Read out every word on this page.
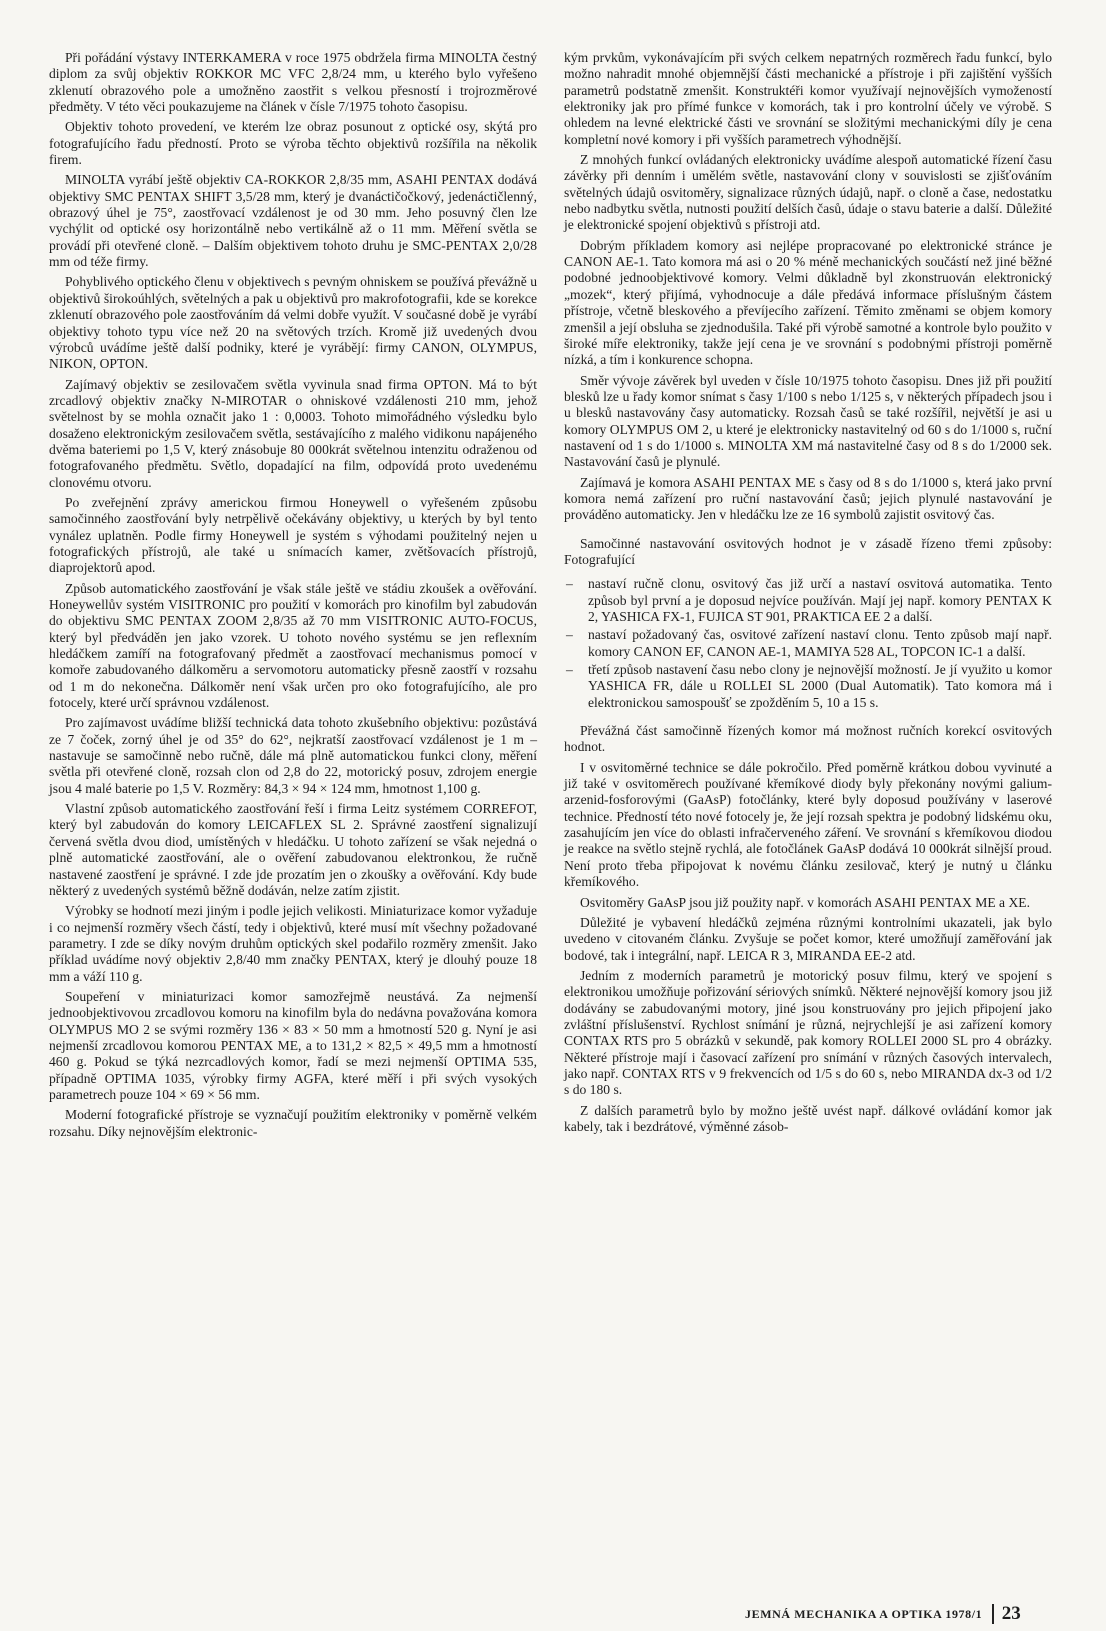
Při pořádání výstavy INTERKAMERA v roce 1975 obdržela firma MINOLTA čestný diplom za svůj objektiv ROKKOR MC VFC 2,8/24 mm, u kterého bylo vyřešeno zklenutí obrazového pole a umožněno zaostřit s velkou přesností i trojrozměrové předměty. V této věci poukazujeme na článek v čísle 7/1975 tohoto časopisu.

Objektiv tohoto provedení, ve kterém lze obraz posunout z optické osy, skýtá pro fotografujícího řadu předností. Proto se výroba těchto objektivů rozšířila na několik firem.

MINOLTA vyrábí ještě objektiv CA-ROKKOR 2,8/35 mm, ASAHI PENTAX dodává objektivy SMC PENTAX SHIFT 3,5/28 mm, který je dvanáctičočkový, jedenáctičlenný, obrazový úhel je 75°, zaostřovací vzdálenost je od 30 mm. Jeho posuvný člen lze vychýlit od optické osy horizontálně nebo vertikálně až o 11 mm. Měření světla se provádí při otevřené cloně. – Dalším objektivem tohoto druhu je SMC-PENTAX 2,0/28 mm od téže firmy.

Pohyblivého optického členu v objektivech s pevným ohniskem se používá převážně u objektivů širokoúhlých, světelných a pak u objektivů pro makrofotografii, kde se korekce zklenutí obrazového pole zaostřováním dá velmi dobře využít. V současné době je vyrábí objektivy tohoto typu více než 20 na světových trzích. Kromě již uvedených dvou výrobců uvádíme ještě další podniky, které je vyrábějí: firmy CANON, OLYMPUS, NIKON, OPTON.

Zajímavý objektiv se zesilovačem světla vyvinula snad firma OPTON. Má to být zrcadlový objektiv značky N-MIROTAR o ohniskové vzdálenosti 210 mm, jehož světelnost by se mohla označit jako 1 : 0,0003. Tohoto mimořádného výsledku bylo dosaženo elektronickým zesilovačem světla, sestávajícího z malého vidikonu napájeného dvěma bateriemi po 1,5 V, který znásobuje 80 000krát světelnou intenzitu odraženou od fotografovaného předmětu. Světlo, dopadající na film, odpovídá proto uvedenému clonovému otvoru.

Po zveřejnění zprávy americkou firmou Honeywell o vyřešeném způsobu samočinného zaostřování byly netrpělivě očekávány objektivy, u kterých by byl tento vynález uplatněn. Podle firmy Honeywell je systém s výhodami použitelný nejen u fotografických přístrojů, ale také u snímacích kamer, zvětšovacích přístrojů, diaprojektorů apod.

Způsob automatického zaostřování je však stále ještě ve stádiu zkoušek a ověřování. Honeywellův systém VISITRONIC pro použití v komorách pro kinofilm byl zabudován do objektivu SMC PENTAX ZOOM 2,8/35 až 70 mm VISITRONIC AUTO-FOCUS, který byl předváděn jen jako vzorek. U tohoto nového systému se jen reflexním hledáčkem zamíří na fotografovaný předmět a zaostřovací mechanismus pomocí v komoře zabudovaného dálkoměru a servomotoru automaticky přesně zaostří v rozsahu od 1 m do nekonečna. Dálkoměr není však určen pro oko fotografujícího, ale pro fotocely, které určí správnou vzdálenost.

Pro zajímavost uvádíme bližší technická data tohoto zkušebního objektivu: pozůstává ze 7 čoček, zorný úhel je od 35° do 62°, nejkratší zaostřovací vzdálenost je 1 m – nastavuje se samočinně nebo ručně, dále má plně automatickou funkci clony, měření světla při otevřené cloně, rozsah clon od 2,8 do 22, motorický posuv, zdrojem energie jsou 4 malé baterie po 1,5 V. Rozměry: 84,3 × 94 × 124 mm, hmotnost 1,100 g.

Vlastní způsob automatického zaostřování řeší i firma Leitz systémem CORREFOT, který byl zabudován do komory LEICAFLEX SL 2. Správné zaostření signalizují červená světla dvou diod, umístěných v hledáčku. U tohoto zařízení se však nejedná o plně automatické zaostřování, ale o ověření zabudovanou elektronkou, že ručně nastavené zaostření je správné. I zde jde prozatím jen o zkoušky a ověřování. Kdy bude některý z uvedených systémů běžně dodáván, nelze zatím zjistit.

Výrobky se hodnotí mezi jiným i podle jejich velikosti. Miniaturizace komor vyžaduje i co nejmenší rozměry všech částí, tedy i objektivů, které musí mít všechny požadované parametry. I zde se díky novým druhům optických skel podařilo rozměry zmenšit. Jako příklad uvádíme nový objektiv 2,8/40 mm značky PENTAX, který je dlouhý pouze 18 mm a váží 110 g.

Soupeření v miniaturizaci komor samozřejmě neustává. Za nejmenší jednoobjektivovou zrcadlovou komoru na kinofilm byla do nedávna považována komora OLYMPUS MO 2 se svými rozměry 136 × 83 × 50 mm a hmotností 520 g. Nyní je asi nejmenší zrcadlovou komorou PENTAX ME, a to 131,2 × 82,5 × 49,5 mm a hmotností 460 g. Pokud se týká nezrcadlových komor, řadí se mezi nejmenší OPTIMA 535, případně OPTIMA 1035, výrobky firmy AGFA, které měří i při svých vysokých parametrech pouze 104 × 69 × 56 mm.

Moderní fotografické přístroje se vyznačují použitím elektroniky v poměrně velkém rozsahu. Díky nejnovějším elektronic-

kým prvkům, vykonávajícím při svých celkem nepatrných rozměrech řadu funkcí, bylo možno nahradit mnohé objemnější části mechanické a přístroje i při zajištění vyšších parametrů podstatně zmenšit. Konstruktéři komor využívají nejnovějších vymožeností elektroniky jak pro přímé funkce v komorách, tak i pro kontrolní účely ve výrobě. S ohledem na levné elektrické části ve srovnání se složitými mechanickými díly je cena kompletní nové komory i při vyšších parametrech výhodnější.

Z mnohých funkcí ovládaných elektronicky uvádíme alespoň automatické řízení času závěrky při denním i umělém světle, nastavování clony v souvislosti se zjišťováním světelných údajů osvitoměry, signalizace různých údajů, např. o cloně a čase, nedostatku nebo nadbytku světla, nutnosti použití delších časů, údaje o stavu baterie a další. Důležité je elektronické spojení objektivů s přístroji atd.

Dobrým příkladem komory asi nejlépe propracované po elektronické stránce je CANON AE-1. Tato komora má asi o 20 % méně mechanických součástí než jiné běžné podobné jednoobjektivové komory. Velmi důkladně byl zkonstruován elektronický „mozek“, který přijímá, vyhodnocuje a dále předává informace příslušným částem přístroje, včetně bleskového a převíjecího zařízení. Těmito změnami se objem komory zmenšil a její obsluha se zjednodušila. Také při výrobě samotné a kontrole bylo použito v široké míře elektroniky, takže její cena je ve srovnání s podobnými přístroji poměrně nízká, a tím i konkurence schopna.

Směr vývoje závěrek byl uveden v čísle 10/1975 tohoto časopisu. Dnes již při použití blesků lze u řady komor snímat s časy 1/100 s nebo 1/125 s, v některých případech jsou i u blesků nastavovány časy automaticky. Rozsah časů se také rozšířil, největší je asi u komory OLYMPUS OM 2, u které je elektronicky nastavitelný od 60 s do 1/1000 s, ruční nastavení od 1 s do 1/1000 s. MINOLTA XM má nastavitelné časy od 8 s do 1/2000 sek. Nastavování časů je plynulé.

Zajímavá je komora ASAHI PENTAX ME s časy od 8 s do 1/1000 s, která jako první komora nemá zařízení pro ruční nastavování časů; jejich plynulé nastavování je prováděno automaticky. Jen v hledáčku lze ze 16 symbolů zajistit osvitový čas.

Samočinné nastavování osvitových hodnot je v zásadě řízeno třemi způsoby: Fotografující

– nastaví ručně clonu, osvitový čas již určí a nastaví osvitová automatika. Tento způsob byl první a je doposud nejvíce používán. Mají jej např. komory PENTAX K 2, YASHICA FX-1, FUJICA ST 901, PRAKTICA EE 2 a další.
– nastaví požadovaný čas, osvitové zařízení nastaví clonu. Tento způsob mají např. komory CANON EF, CANON AE-1, MAMIYA 528 AL, TOPCON IC-1 a další.
– třetí způsob nastavení času nebo clony je nejnovější možností. Je jí využito u komor YASHICA FR, dále u ROLLEI SL 2000 (Dual Automatik). Tato komora má i elektronickou samospoušť se zpožděním 5, 10 a 15 s.

Převážná část samočinně řízených komor má možnost ručních korekcí osvitových hodnot.

I v osvitoměrné technice se dále pokročilo. Před poměrně krátkou dobou vyvinuté a již také v osvitoměrech používané křemíkové diody byly překonány novými galium-arzenid-fosforovými (GaAsP) fotočlánky, které byly doposud používány v laserové technice. Předností této nové fotocely je, že její rozsah spektra je podobný lidskému oku, zasahujícím jen více do oblasti infračerveného záření. Ve srovnání s křemíkovou diodou je reakce na světlo stejně rychlá, ale fotočlánek GaAsP dodává 10 000krát silnější proud. Není proto třeba připojovat k novému článku zesilovač, který je nutný u článku křemíkového.

Osvitoměry GaAsP jsou již použity např. v komorách ASAHI PENTAX ME a XE.

Důležité je vybavení hledáčků zejména různými kontrolními ukazateli, jak bylo uvedeno v citovaném článku. Zvyšuje se počet komor, které umožňují zaměřování jak bodové, tak i integrální, např. LEICA R 3, MIRANDA EE-2 atd.

Jedním z moderních parametrů je motorický posuv filmu, který ve spojení s elektronikou umožňuje pořizování sériových snímků. Některé nejnovější komory jsou již dodávány se zabudovanými motory, jiné jsou konstruovány pro jejich připojení jako zvláštní příslušenství. Rychlost snímání je různá, nejrychlejší je asi zařízení komory CONTAX RTS pro 5 obrázků v sekundě, pak komory ROLLEI 2000 SL pro 4 obrázky. Některé přístroje mají i časovací zařízení pro snímání v různých časových intervalech, jako např. CONTAX RTS v 9 frekvencích od 1/5 s do 60 s, nebo MIRANDA dx-3 od 1/2 s do 180 s.

Z dalších parametrů bylo by možno ještě uvést např. dálkové ovládání komor jak kabely, tak i bezdrátové, výměnné zásob-

JEMNÁ MECHANIKA A OPTIKA 1978/1 23
